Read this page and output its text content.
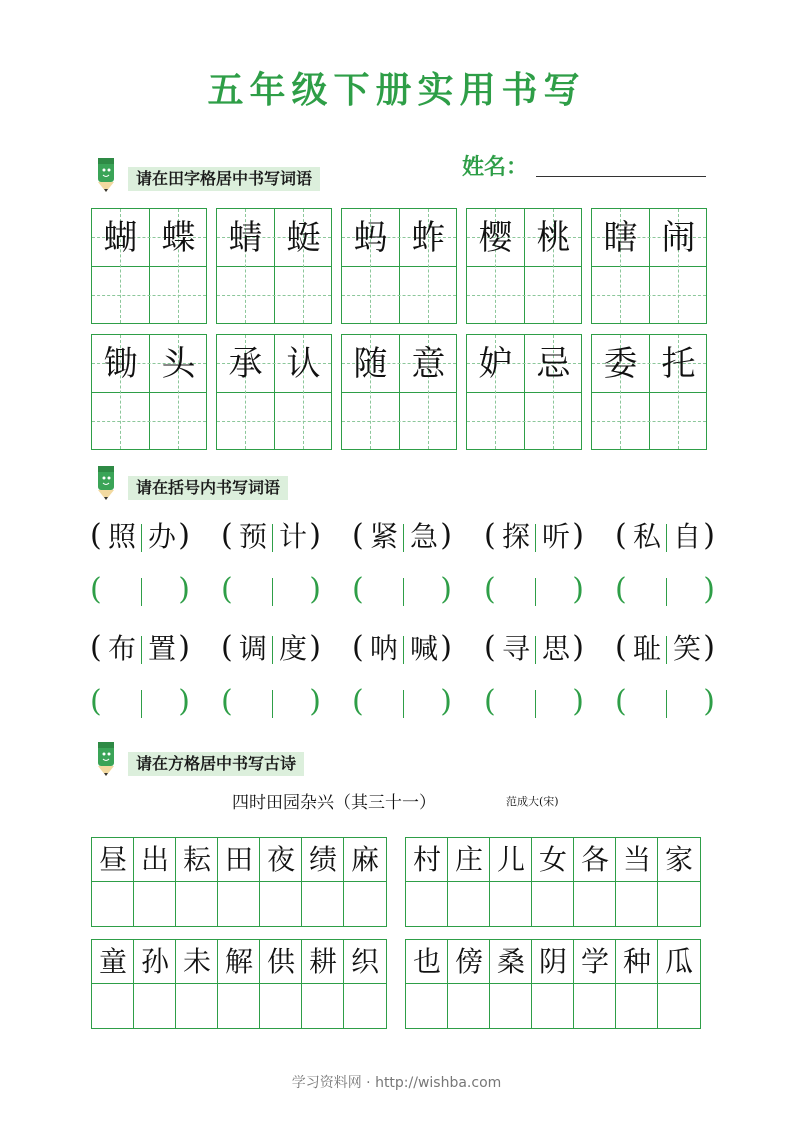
五年级下册实用书写
请在田字格居中书写词语	姓名：
蝴 蝶 蜻 蜓 蚂 蚱 樱 桃 瞎 闹
锄 头 承 认 随 意 妒 忌 委 托
请在括号内书写词语
( 照 办 )
(	)
( 预 计 )
(	)
( 紧 急 )
(	)
( 探 听 )
(	)
( 私 自 )
(	)
( 布 置 )
(	)
( 调 度 )
(	)
( 呐 喊 )
(	)
( 寻 思 )
(	)
( 耻 笑 )
(	)
请在方格居中书写古诗
四时田园杂兴（其三十一）	范成大(宋)
昼 出 耘 田 夜 绩 麻 村 庄 儿 女 各 当 家
童 孙 未 解 供 耕 织 也 傍 桑 阴 学 种 瓜
学习资料网 · http://wishba.com
